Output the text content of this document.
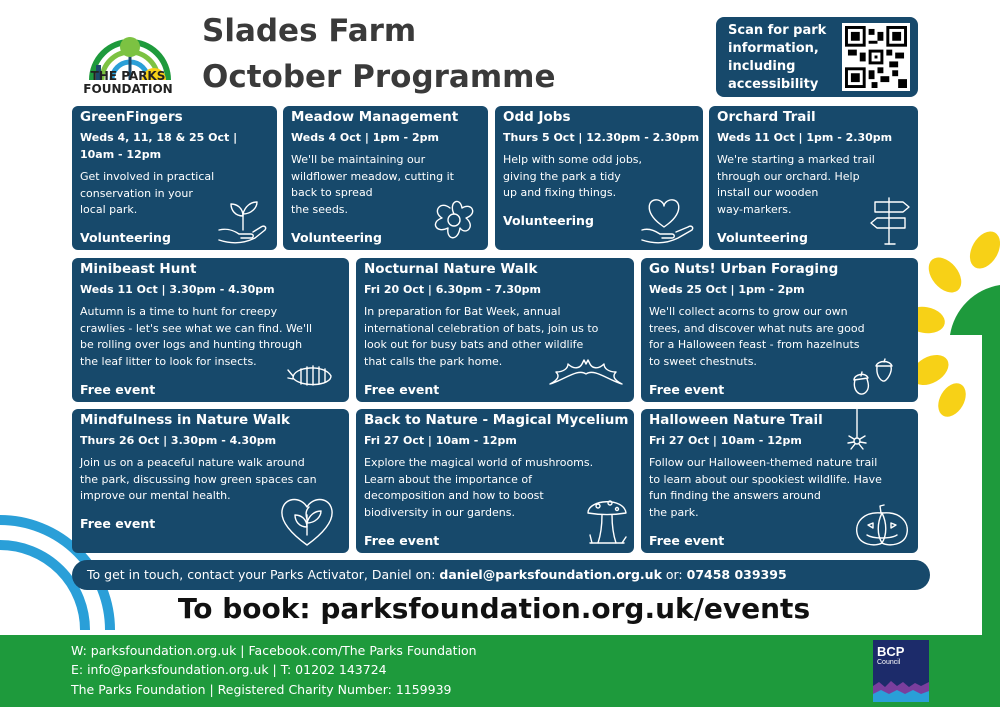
THE PARKS
FOUNDATION
Slades Farm
October Programme
Scan for park information, including accessibility
GreenFingers
Weds 4, 11, 18 & 25 Oct |
10am - 12pm
Get involved in practical
conservation in your
local park.
Volunteering
Meadow Management
Weds 4 Oct | 1pm - 2pm
We'll be maintaining our
wildflower meadow, cutting it
back to spread
the seeds.
Volunteering
Odd Jobs
Thurs 5 Oct | 12.30pm - 2.30pm
Help with some odd jobs,
giving the park a tidy
up and fixing things.
Volunteering
Orchard Trail
Weds 11 Oct | 1pm - 2.30pm
We're starting a marked trail
through our orchard. Help
install our wooden
way-markers.
Volunteering
Minibeast Hunt
Weds 11 Oct | 3.30pm - 4.30pm
Autumn is a time to hunt for creepy
crawlies - let's see what we can find. We'll
be rolling over logs and hunting through
the leaf litter to look for insects.
Free event
Nocturnal Nature Walk
Fri 20 Oct | 6.30pm - 7.30pm
In preparation for Bat Week, annual
international celebration of bats, join us to
look out for busy bats and other wildlife
that calls the park home.
Free event
Go Nuts! Urban Foraging
Weds 25 Oct | 1pm - 2pm
We'll collect acorns to grow our own
trees, and discover what nuts are good
for a Halloween feast - from hazelnuts
to sweet chestnuts.
Free event
Mindfulness in Nature Walk
Thurs 26 Oct | 3.30pm - 4.30pm
Join us on a peaceful nature walk around
the park, discussing how green spaces can
improve our mental health.
Free event
Back to Nature - Magical Mycelium
Fri 27 Oct | 10am - 12pm
Explore the magical world of mushrooms.
Learn about the importance of
decomposition and how to boost
biodiversity in our gardens.
Free event
Halloween Nature Trail
Fri 27 Oct | 10am - 12pm
Follow our Halloween-themed nature trail
to learn about our spookiest wildlife. Have
fun finding the answers around
the park.
Free event
To get in touch, contact your Parks Activator, Daniel on: daniel@parksfoundation.org.uk or: 07458 039395
To book: parksfoundation.org.uk/events
W: parksfoundation.org.uk | Facebook.com/The Parks Foundation
E: info@parksfoundation.org.uk | T: 01202 143724
The Parks Foundation | Registered Charity Number: 1159939
BCP
Council
